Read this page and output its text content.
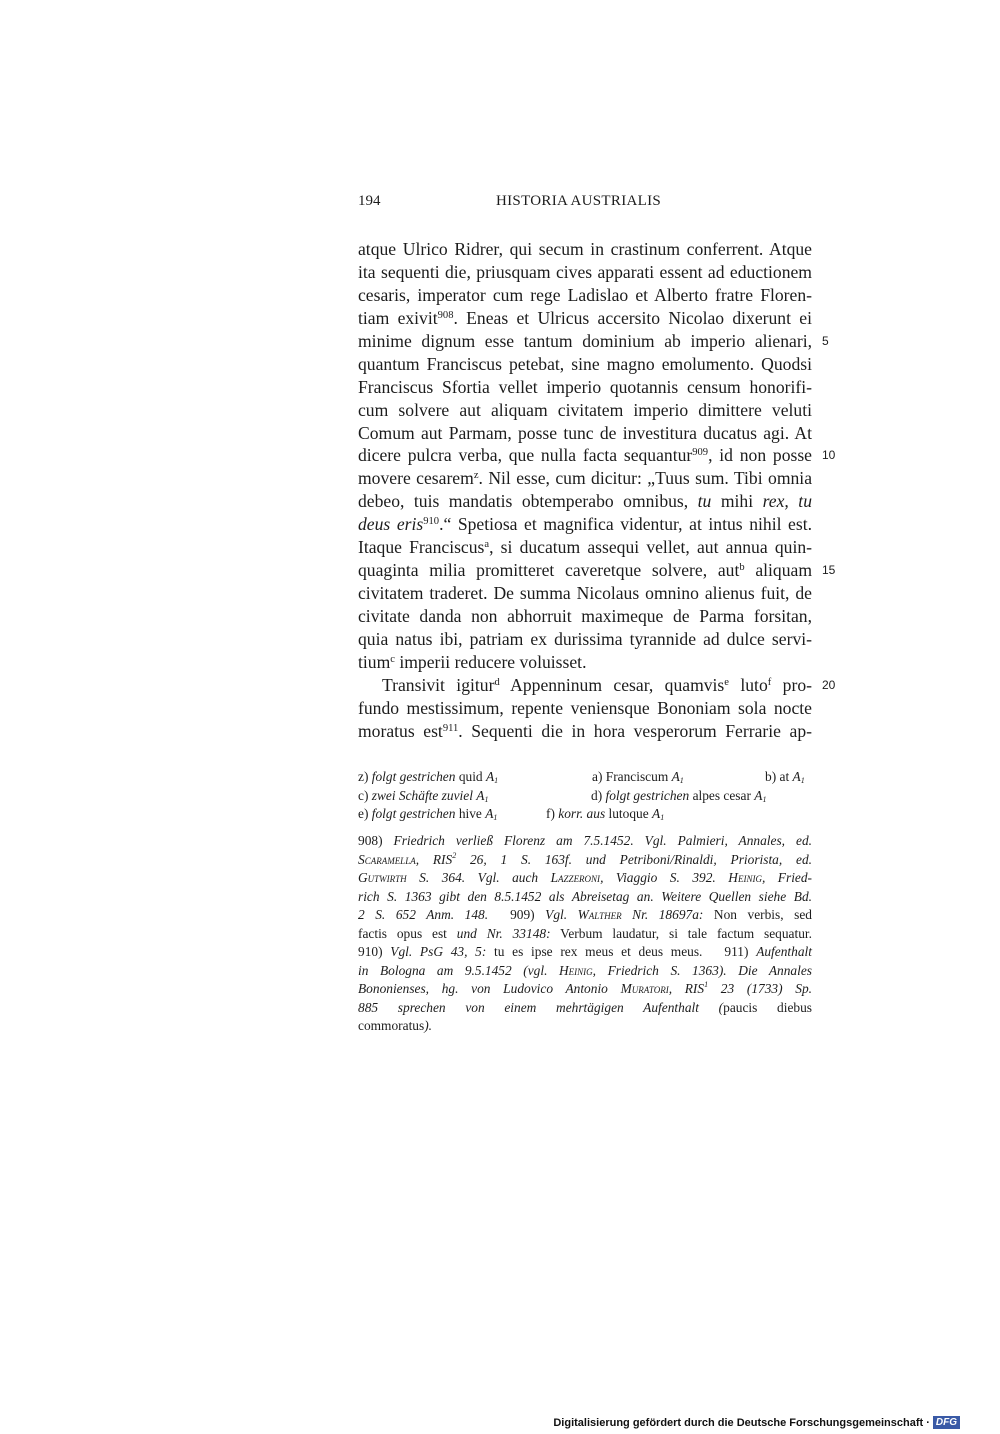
194	HISTORIA AUSTRIALIS
atque Ulrico Ridrer, qui secum in crastinum conferrent. Atque
ita sequenti die, priusquam cives apparati essent ad eductionem
cesaris, imperator cum rege Ladislao et Alberto fratre Floren-
tiam exivit$^{908}$. Eneas et Ulricus accersito Nicolao dixerunt ei
minime dignum esse tantum dominium ab imperio alienari, 5
quantum Franciscus petebat, sine magno emolumento. Quodsi
Franciscus Sfortia vellet imperio quotannis censum honorifi-
cum solvere aut aliquam civitatem imperio dimittere veluti
Comum aut Parmam, posse tunc de investitura ducatus agi. At
dicere pulcra verba, que nulla facta sequantur$^{909}$, id non posse 10
movere cesarem$^z$. Nil esse, cum dicitur: „Tuus sum. Tibi omnia
debeo, tuis mandatis obtemperabo omnibus, tu mihi rex, tu
deus eris$^{910}$.“ Spetiosa et magnifica videntur, at intus nihil est.
Itaque Franciscus$^a$, si ducatum assequi vellet, aut annua quin-
quaginta milia promitteret caveretque solvere, aut$^b$ aliquam 15
civitatem traderet. De summa Nicolaus omnino alienus fuit, de
civitate danda non abhorruit maximeque de Parma forsitan,
quia natus ibi, patriam ex durissima tyrannide ad dulce servi-
tium$^c$ imperii reducere voluisset.
Transivit igitur$^d$ Appenninum cesar, quamvis$^e$ luto$^f$ pro- 20
fundo mestissimum, repente veniensque Bononiam sola nocte
moratus est$^{911}$. Sequenti die in hora vesperorum Ferrarie ap-
z) folgt gestrichen quid $A_1$	a) Franciscum $A_1$	b) at $A_1$
c) zwei Schäfte zuviel $A_1$	d) folgt gestrichen alpes cesar $A_1$
e) folgt gestrichen hive $A_1$	f) korr. aus lutoque $A_1$
908) Friedrich verließ Florenz am 7.5.1452. Vgl. Palmieri, Annales, ed.
Scaramella, RIS$^2$ 26, 1 S. 163f. und Petriboni/Rinaldi, Priorista, ed.
Gutwirth S. 364. Vgl. auch Lazzeroni, Viaggio S. 392. Heinig, Fried-
rich S. 1363 gibt den 8.5.1452 als Abreisetag an. Weitere Quellen siehe Bd.
2 S. 652 Anm. 148. 909) Vgl. Walther Nr. 18697a: Non verbis, sed
factis opus est und Nr. 33148: Verbum laudatur, si tale factum sequatur.
910) Vgl. PsG 43, 5: tu es ipse rex meus et deus meus. 911) Aufenthalt
in Bologna am 9.5.1452 (vgl. Heinig, Friedrich S. 1363). Die Annales
Bononienses, hg. von Ludovico Antonio Muratori, RIS$^1$ 23 (1733) Sp.
885 sprechen von einem mehrtägigen Aufenthalt (paucis diebus
commoratus).
Digitalisierung gefördert durch die Deutsche Forschungsgemeinschaft · DFG
